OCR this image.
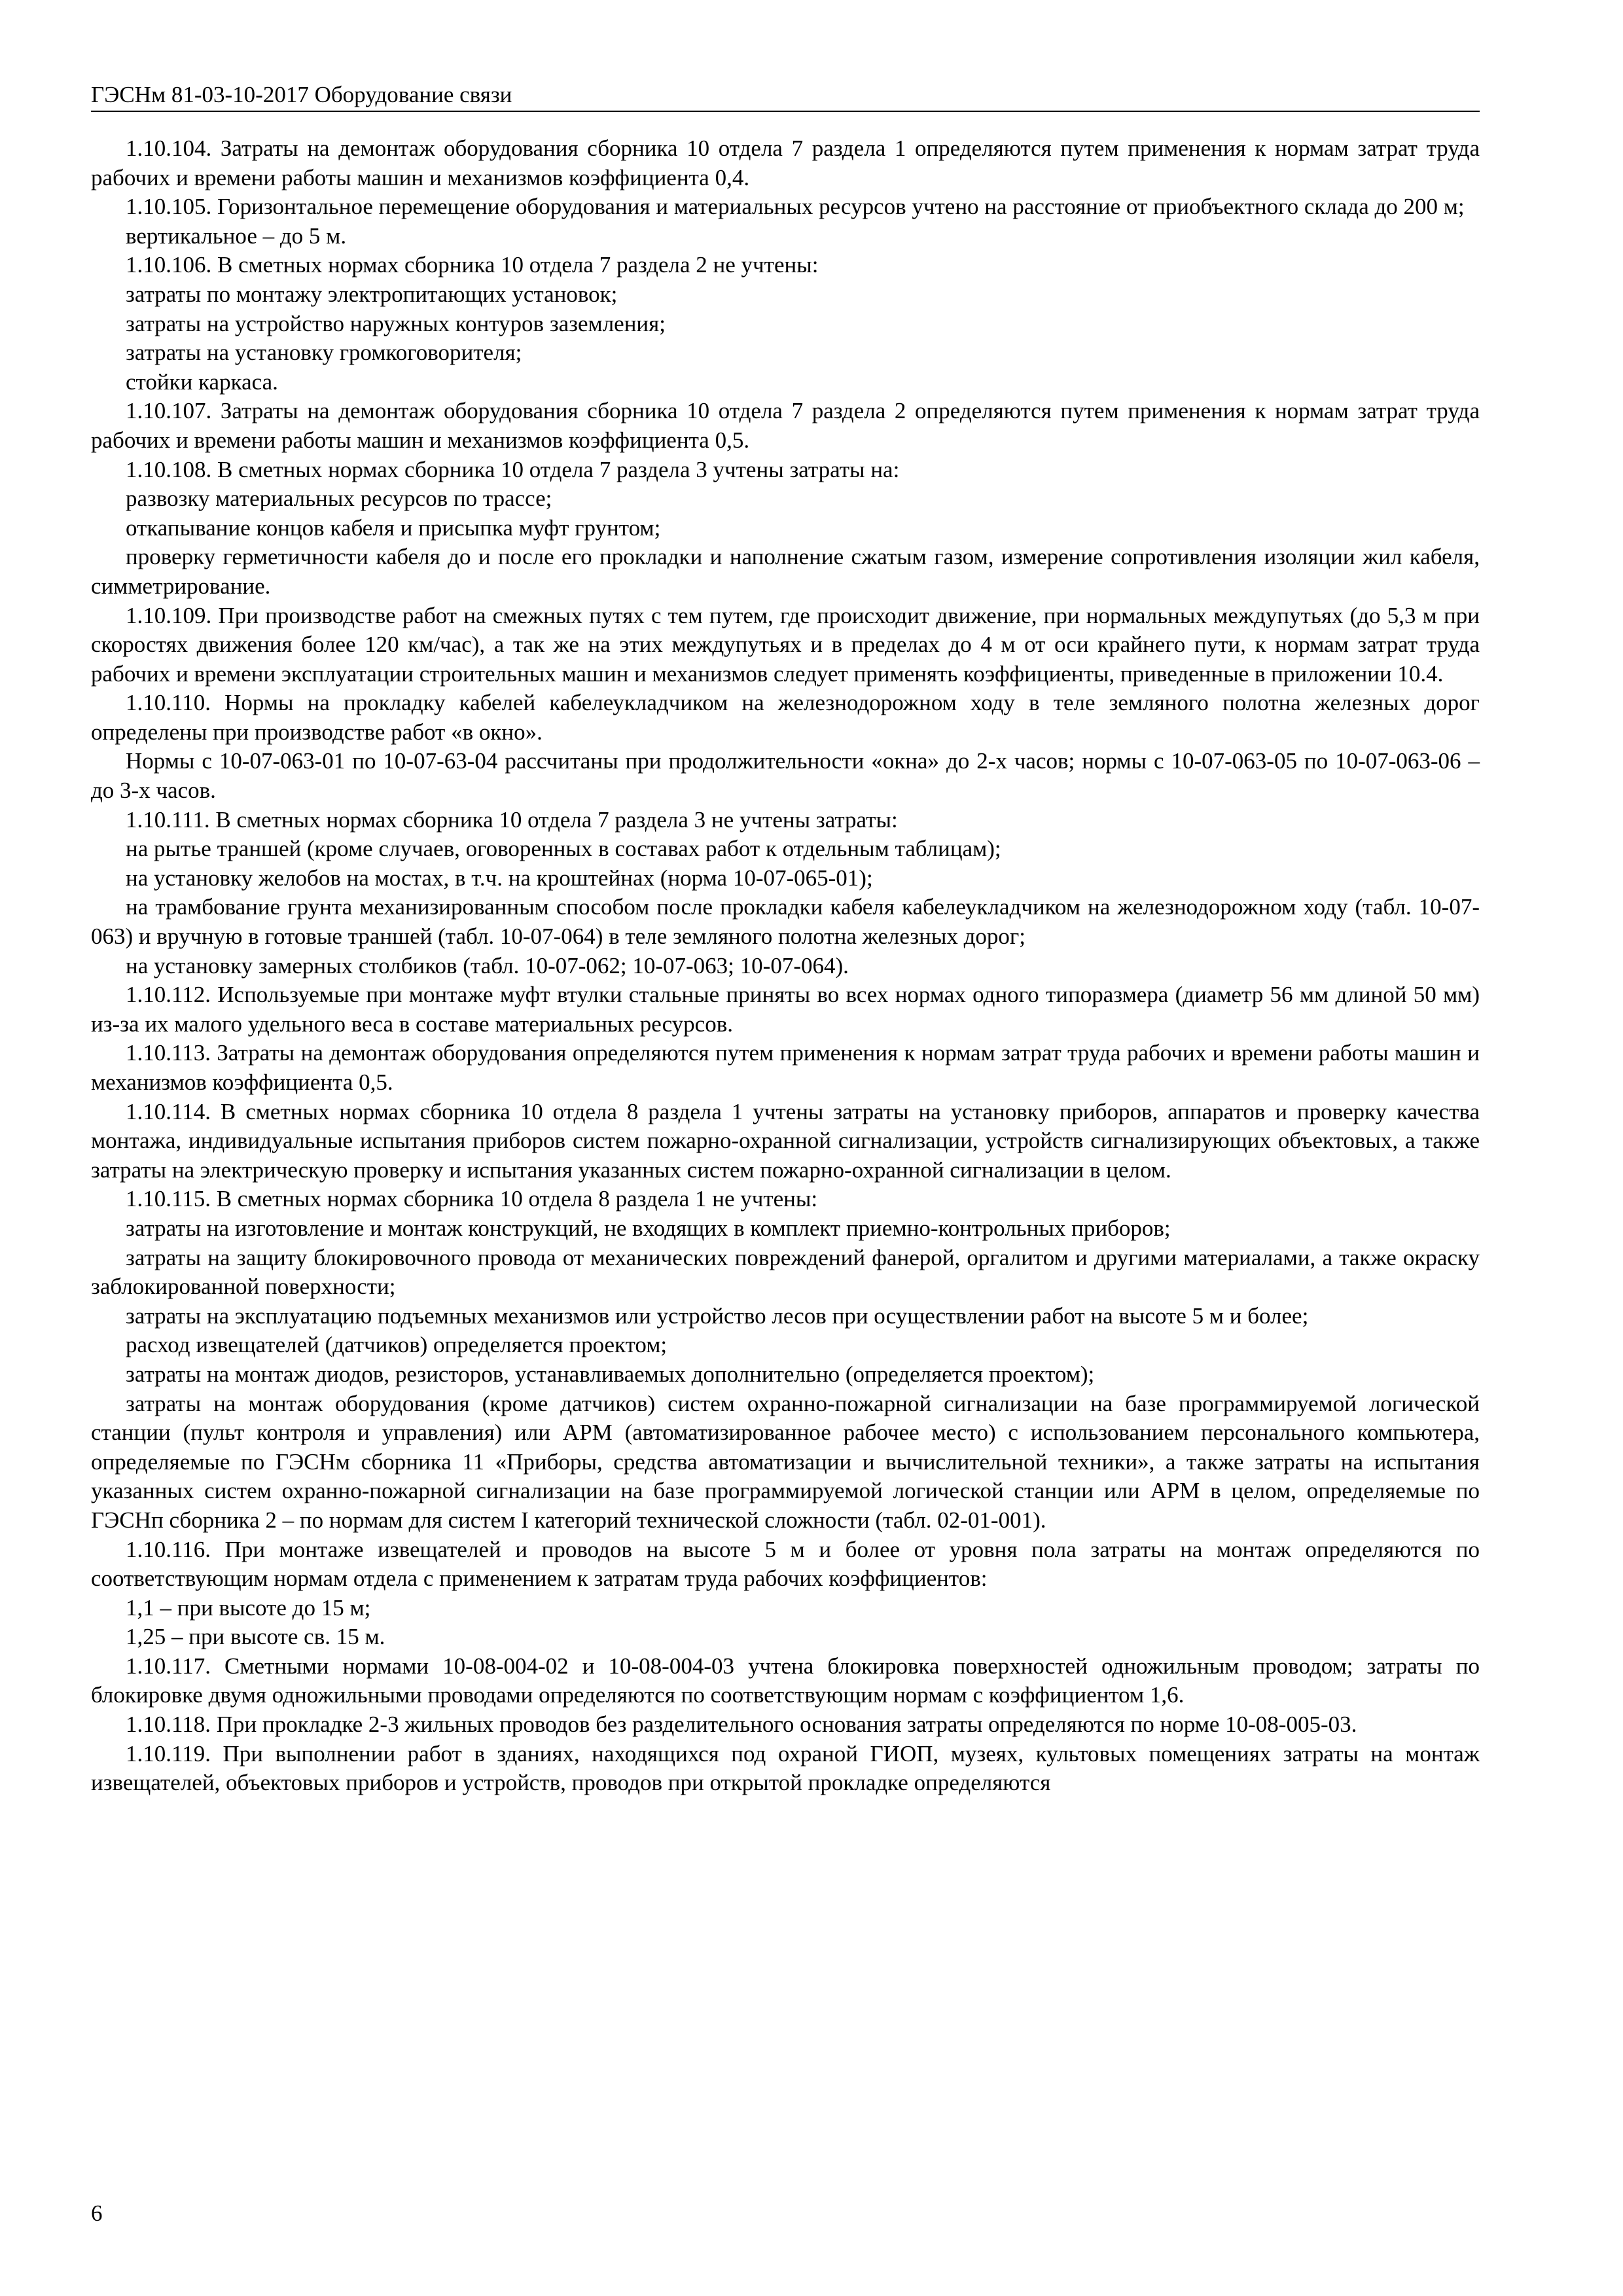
ГЭСНм 81-03-10-2017 Оборудование связи

1.10.104. Затраты на демонтаж оборудования сборника 10 отдела 7 раздела 1 определяются путем применения к нормам затрат труда рабочих и времени работы машин и механизмов коэффициента 0,4.

1.10.105. Горизонтальное перемещение оборудования и материальных ресурсов учтено на расстояние от приобъектного склада до 200 м;

вертикальное – до 5 м.

1.10.106. В сметных нормах сборника 10 отдела 7 раздела 2 не учтены:

затраты по монтажу электропитающих установок;

затраты на устройство наружных контуров заземления;

затраты на установку громкоговорителя;

стойки каркаса.

1.10.107. Затраты на демонтаж оборудования сборника 10 отдела 7 раздела 2 определяются путем применения к нормам затрат труда рабочих и времени работы машин и механизмов коэффициента 0,5.

1.10.108. В сметных нормах сборника 10 отдела 7 раздела 3 учтены затраты на:

развозку материальных ресурсов по трассе;

откапывание концов кабеля и присыпка муфт грунтом;

проверку герметичности кабеля до и после его прокладки и наполнение сжатым газом, измерение сопротивления изоляции жил кабеля, симметрирование.

1.10.109. При производстве работ на смежных путях с тем путем, где происходит движение, при нормальных междупутьях (до 5,3 м при скоростях движения более 120 км/час), а так же на этих междупутьях и в пределах до 4 м от оси крайнего пути, к нормам затрат труда рабочих и времени эксплуатации строительных машин и механизмов следует применять коэффициенты, приведенные в приложении 10.4.

1.10.110. Нормы на прокладку кабелей кабелеукладчиком на железнодорожном ходу в теле земляного полотна железных дорог определены при производстве работ «в окно».

Нормы с 10-07-063-01 по 10-07-63-04 рассчитаны при продолжительности «окна» до 2-х часов; нормы с 10-07-063-05 по 10-07-063-06 – до 3-х часов.

1.10.111. В сметных нормах сборника 10 отдела 7 раздела 3 не учтены затраты:

на рытье траншей (кроме случаев, оговоренных в составах работ к отдельным таблицам);

на установку желобов на мостах, в т.ч. на кроштейнах (норма 10-07-065-01);

на трамбование грунта механизированным способом после прокладки кабеля кабелеукладчиком на железнодорожном ходу (табл. 10-07-063) и вручную в готовые траншей (табл. 10-07-064) в теле земляного полотна железных дорог;

на установку замерных столбиков (табл. 10-07-062; 10-07-063; 10-07-064).

1.10.112. Используемые при монтаже муфт втулки стальные приняты во всех нормах одного типоразмера (диаметр 56 мм длиной 50 мм) из-за их малого удельного веса в составе материальных ресурсов.

1.10.113. Затраты на демонтаж оборудования определяются путем применения к нормам затрат труда рабочих и времени работы машин и механизмов коэффициента 0,5.

1.10.114. В сметных нормах сборника 10 отдела 8 раздела 1 учтены затраты на установку приборов, аппаратов и проверку качества монтажа, индивидуальные испытания приборов систем пожарно-охранной сигнализации, устройств сигнализирующих объектовых, а также затраты на электрическую проверку и испытания указанных систем пожарно-охранной сигнализации в целом.

1.10.115. В сметных нормах сборника 10 отдела 8 раздела 1 не учтены:

затраты на изготовление и монтаж конструкций, не входящих в комплект приемно-контрольных приборов;

затраты на защиту блокировочного провода от механических повреждений фанерой, оргалитом и другими материалами, а также окраску заблокированной поверхности;

затраты на эксплуатацию подъемных механизмов или устройство лесов при осуществлении работ на высоте 5 м и более;

расход извещателей (датчиков) определяется проектом;

затраты на монтаж диодов, резисторов, устанавливаемых дополнительно (определяется проектом);

затраты на монтаж оборудования (кроме датчиков) систем охранно-пожарной сигнализации на базе программируемой логической станции (пульт контроля и управления) или АРМ (автоматизированное рабочее место) с использованием персонального компьютера, определяемые по ГЭСНм сборника 11 «Приборы, средства автоматизации и вычислительной техники», а также затраты на испытания указанных систем охранно-пожарной сигнализации на базе программируемой логической станции или АРМ в целом, определяемые по ГЭСНп сборника 2 – по нормам для систем I категорий технической сложности (табл. 02-01-001).

1.10.116. При монтаже извещателей и проводов на высоте 5 м и более от уровня пола затраты на монтаж определяются по соответствующим нормам отдела с применением к затратам труда рабочих коэффициентов:

1,1 – при высоте до 15 м;

1,25 – при высоте св. 15 м.

1.10.117. Сметными нормами 10-08-004-02 и 10-08-004-03 учтена блокировка поверхностей одножильным проводом; затраты по блокировке двумя одножильными проводами определяются по соответствующим нормам с коэффициентом 1,6.

1.10.118. При прокладке 2-3 жильных проводов без разделительного основания затраты определяются по норме 10-08-005-03.

1.10.119. При выполнении работ в зданиях, находящихся под охраной ГИОП, музеях, культовых помещениях затраты на монтаж извещателей, объектовых приборов и устройств, проводов при открытой прокладке определяются

6
